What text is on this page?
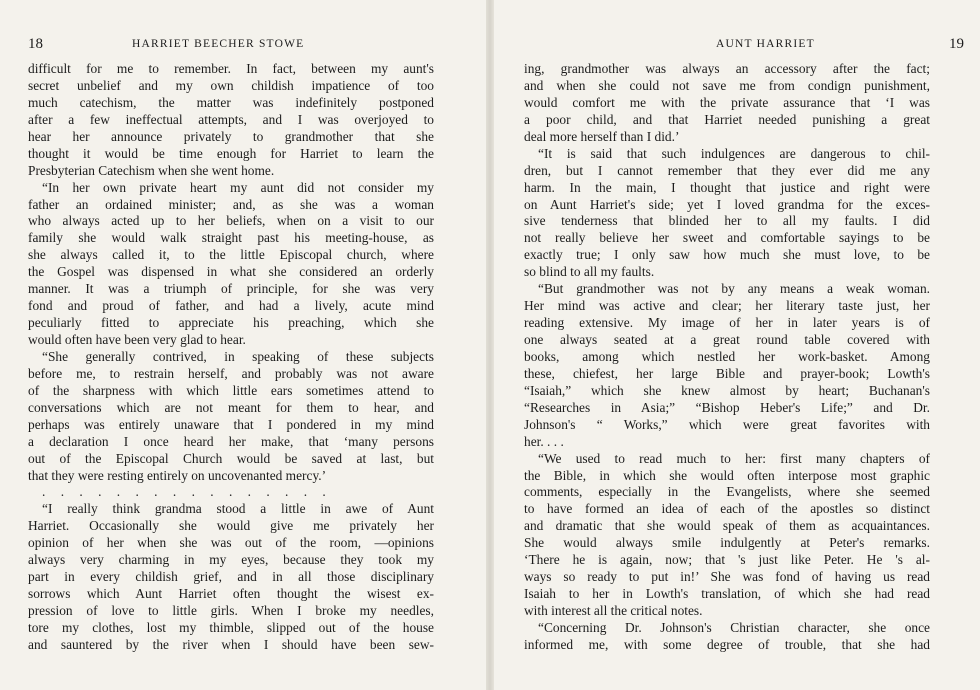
18	HARRIET BEECHER STOWE
difficult for me to remember. In fact, between my aunt's
secret unbelief and my own childish impatience of too
much catechism, the matter was indefinitely postponed
after a few ineffectual attempts, and I was overjoyed to
hear her announce privately to grandmother that she
thought it would be time enough for Harriet to learn the
Presbyterian Catechism when she went home.
“In her own private heart my aunt did not consider my
father an ordained minister; and, as she was a woman
who always acted up to her beliefs, when on a visit to our
family she would walk straight past his meeting-house, as
she always called it, to the little Episcopal church, where
the Gospel was dispensed in what she considered an orderly
manner. It was a triumph of principle, for she was very
fond and proud of father, and had a lively, acute mind
peculiarly fitted to appreciate his preaching, which she
would often have been very glad to hear.
“She generally contrived, in speaking of these subjects
before me, to restrain herself, and probably was not aware
of the sharpness with which little ears sometimes attend to
conversations which are not meant for them to hear, and
perhaps was entirely unaware that I pondered in my mind
a declaration I once heard her make, that ‘many persons
out of the Episcopal Church would be saved at last, but
that they were resting entirely on uncovenanted mercy.’
. . . . . . . . . . . . . . . .
“I really think grandma stood a little in awe of Aunt
Harriet. Occasionally she would give me privately her
opinion of her when she was out of the room, —opinions
always very charming in my eyes, because they took my
part in every childish grief, and in all those disciplinary
sorrows which Aunt Harriet often thought the wisest ex-
pression of love to little girls. When I broke my needles,
tore my clothes, lost my thimble, slipped out of the house
and sauntered by the river when I should have been sew-
AUNT HARRIET	19
ing, grandmother was always an accessory after the fact;
and when she could not save me from condign punishment,
would comfort me with the private assurance that ‘I was
a poor child, and that Harriet needed punishing a great
deal more herself than I did.’
“It is said that such indulgences are dangerous to chil-
dren, but I cannot remember that they ever did me any
harm. In the main, I thought that justice and right were
on Aunt Harriet's side; yet I loved grandma for the exces-
sive tenderness that blinded her to all my faults. I did
not really believe her sweet and comfortable sayings to be
exactly true; I only saw how much she must love, to be
so blind to all my faults.
“But grandmother was not by any means a weak woman.
Her mind was active and clear; her literary taste just, her
reading extensive. My image of her in later years is of
one always seated at a great round table covered with
books, among which nestled her work-basket. Among
these, chiefest, her large Bible and prayer-book; Lowth's
“Isaiah,” which she knew almost by heart; Buchanan's
“Researches in Asia;” “Bishop Heber's Life;” and Dr.
Johnson's “ Works,” which were great favorites with
her. . . .
“We used to read much to her: first many chapters of
the Bible, in which she would often interpose most graphic
comments, especially in the Evangelists, where she seemed
to have formed an idea of each of the apostles so distinct
and dramatic that she would speak of them as acquaintances.
She would always smile indulgently at Peter's remarks.
‘There he is again, now; that 's just like Peter. He 's al-
ways so ready to put in!’ She was fond of having us read
Isaiah to her in Lowth's translation, of which she had read
with interest all the critical notes.
“Concerning Dr. Johnson's Christian character, she once
informed me, with some degree of trouble, that she had
